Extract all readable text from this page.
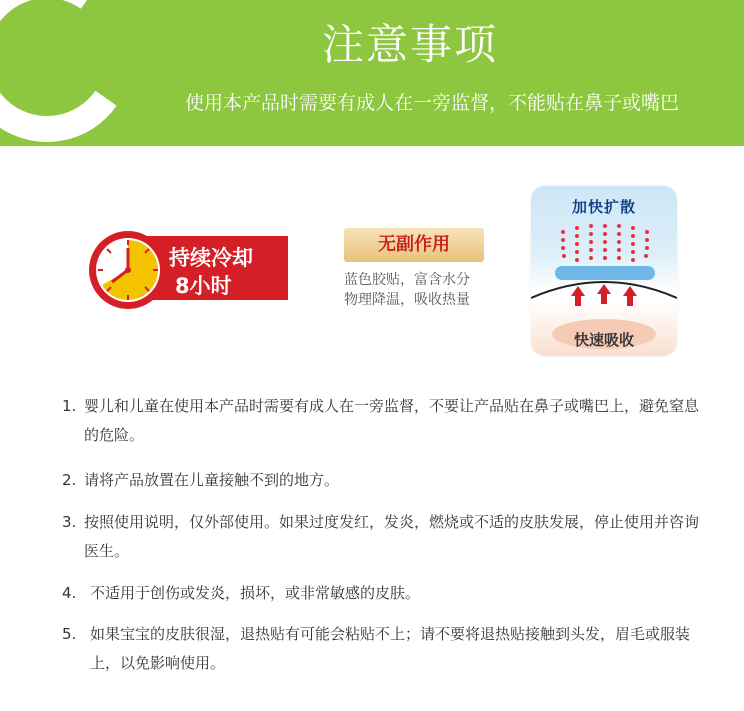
注意事项
使用本产品时需要有成人在一旁监督，不能贴在鼻子或嘴巴
持续冷却
8小时
无副作用
蓝色胶贴，富含水分
物理降温，吸收热量
加快扩散
快速吸收
1. 婴儿和儿童在使用本产品时需要有成人在一旁监督，不要让产品贴在鼻子或嘴巴上，避免窒息的危险。
2. 请将产品放置在儿童接触不到的地方。
3. 按照使用说明，仅外部使用。如果过度发红，发炎，燃烧或不适的皮肤发展，停止使用并咨询医生。
4. 不适用于创伤或发炎，损坏，或非常敏感的皮肤。
5. 如果宝宝的皮肤很湿，退热贴有可能会粘贴不上；请不要将退热贴接触到头发，眉毛或服装上，以免影响使用。
